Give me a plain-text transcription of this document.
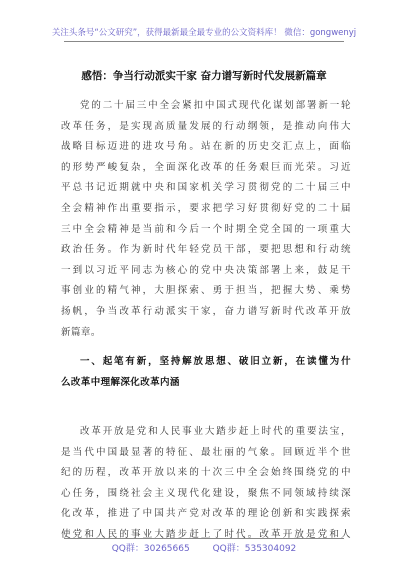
关注头条号“公文研究”，获得最新最全最专业的公文资料库！ 微信：gongwenyj
感悟：争当行动派实干家 奋力谱写新时代发展新篇章
党的二十届三中全会紧扣中国式现代化谋划部署新一轮
改革任务，是实现高质量发展的行动纲领，是推动向伟大
战略目标迈进的进攻号角。站在新的历史交汇点上，面临
的形势严峻复杂，全面深化改革的任务艰巨而光荣。习近
平总书记近期就中央和国家机关学习贯彻党的二十届三中
全会精神作出重要指示，要求把学习好贯彻好党的二十届
三中全会精神是当前和今后一个时期全党全国的一项重大
政治任务。作为新时代年轻党员干部，要把思想和行动统
一到以习近平同志为核心的党中央决策部署上来，鼓足干
事创业的精气神，大胆探索、勇于担当，把握大势、乘势
扬帆，争当改革行动派实干家，奋力谱写新时代改革开放
新篇章。
一、起笔有新，坚持解放思想、破旧立新，在读懂为什
么改革中理解深化改革内涵
改革开放是党和人民事业大踏步赶上时代的重要法宝，
是当代中国最显著的特征、最壮丽的气象。回顾近半个世
纪的历程，改革开放以来的十次三中全会始终围绕党的中
心任务，围绕社会主义现代化建设，聚焦不同领域持续深
化改革，推进了中国共产党对改革的理论创新和实践探索
使党和人民的事业大踏步赶上了时代。改革开放是党和人
QQ群：30265665	QQ群：535304092
